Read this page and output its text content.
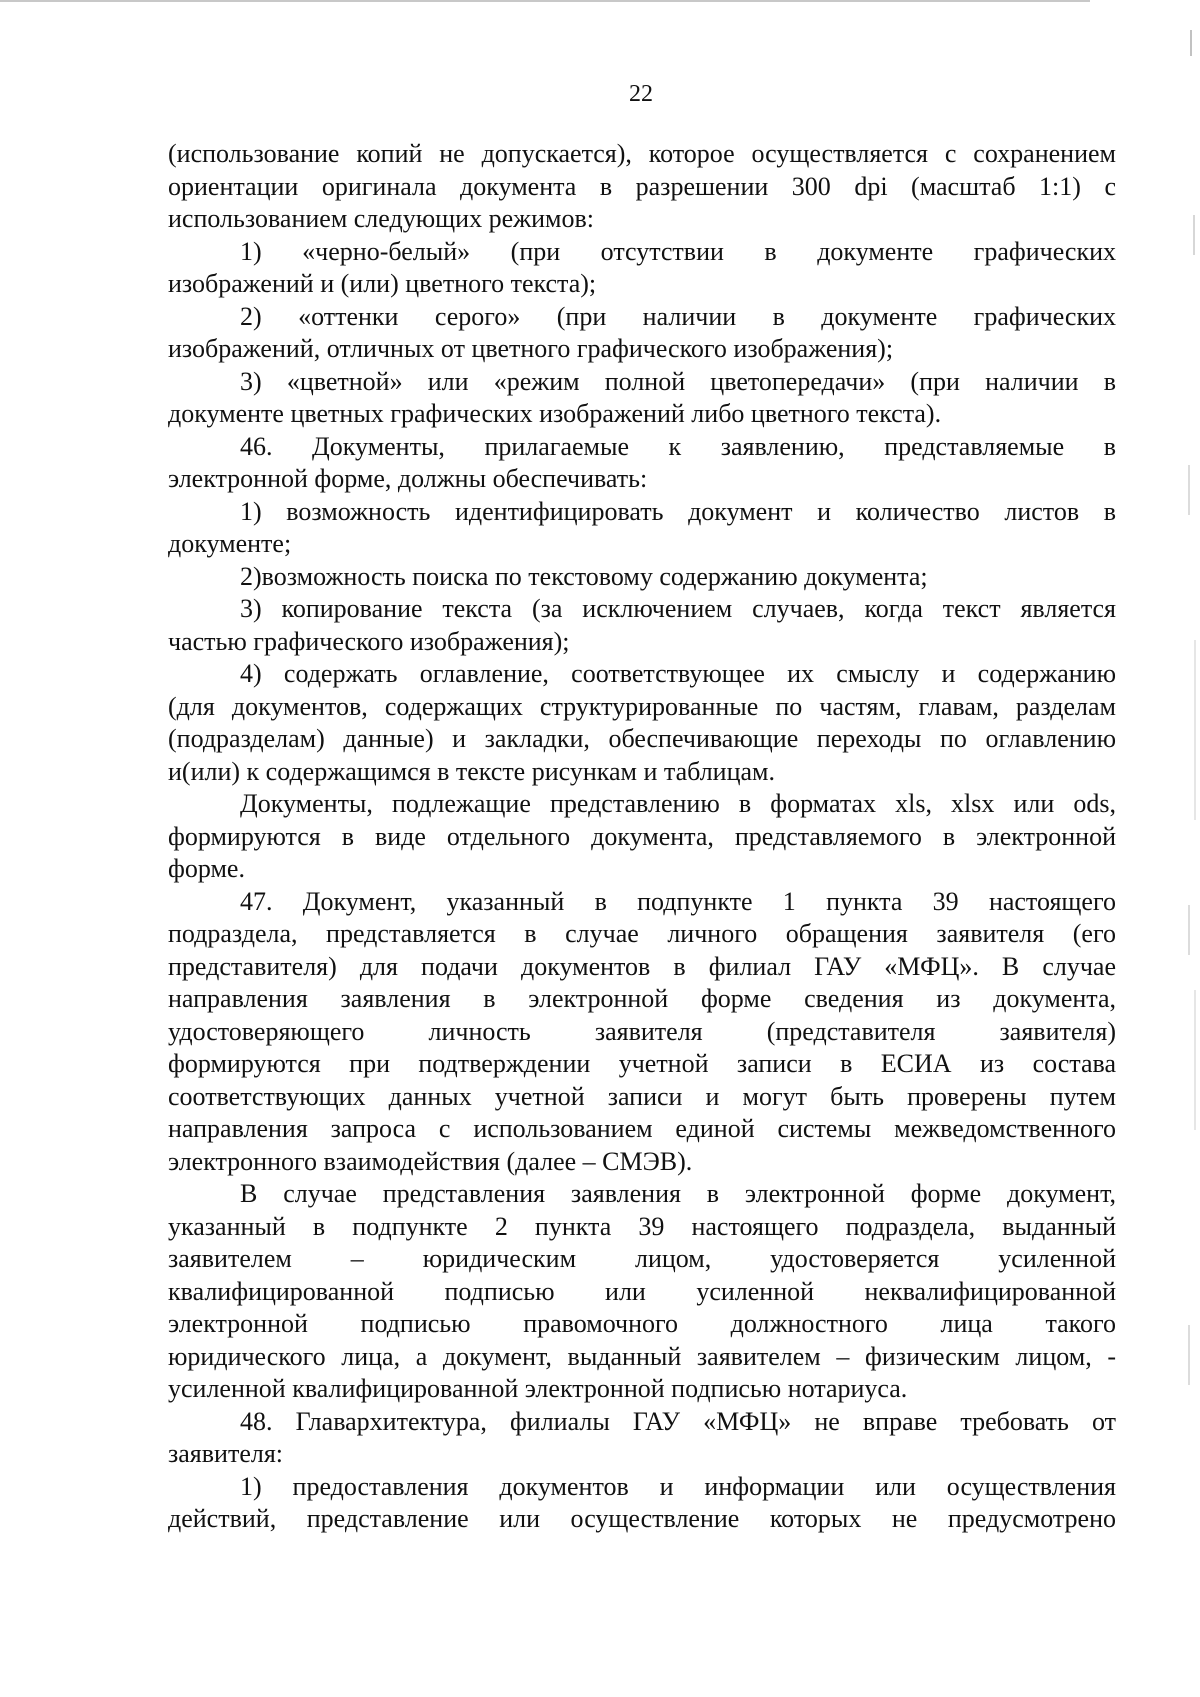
22
(использование копий не допускается), которое осуществляется с сохранением
ориентации оригинала документа в разрешении 300 dpi (масштаб 1:1) с
использованием следующих режимов:
1) «черно-белый» (при отсутствии в документе графических
изображений и (или) цветного текста);
2) «оттенки серого» (при наличии в документе графических
изображений, отличных от цветного графического изображения);
3) «цветной» или «режим полной цветопередачи» (при наличии в
документе цветных графических изображений либо цветного текста).
46. Документы, прилагаемые к заявлению, представляемые в
электронной форме, должны обеспечивать:
1) возможность идентифицировать документ и количество листов в
документе;
2)возможность поиска по текстовому содержанию документа;
3) копирование текста (за исключением случаев, когда текст является
частью графического изображения);
4) содержать оглавление, соответствующее их смыслу и содержанию
(для документов, содержащих структурированные по частям, главам, разделам
(подразделам) данные) и закладки, обеспечивающие переходы по оглавлению
и(или) к содержащимся в тексте рисункам и таблицам.
Документы, подлежащие представлению в форматах xls, xlsx или ods,
формируются в виде отдельного документа, представляемого в электронной
форме.
47. Документ, указанный в подпункте 1 пункта 39 настоящего
подраздела, представляется в случае личного обращения заявителя (его
представителя) для подачи документов в филиал ГАУ «МФЦ». В случае
направления заявления в электронной форме сведения из документа,
удостоверяющего личность заявителя (представителя заявителя)
формируются при подтверждении учетной записи в ЕСИА из состава
соответствующих данных учетной записи и могут быть проверены путем
направления запроса с использованием единой системы межведомственного
электронного взаимодействия (далее – СМЭВ).
В случае представления заявления в электронной форме документ,
указанный в подпункте 2 пункта 39 настоящего подраздела, выданный
заявителем – юридическим лицом, удостоверяется усиленной
квалифицированной подписью или усиленной неквалифицированной
электронной подписью правомочного должностного лица такого
юридического лица, а документ, выданный заявителем – физическим лицом, -
усиленной квалифицированной электронной подписью нотариуса.
48. Главархитектура, филиалы ГАУ «МФЦ» не вправе требовать от
заявителя:
1) предоставления документов и информации или осуществления
действий, представление или осуществление которых не предусмотрено
